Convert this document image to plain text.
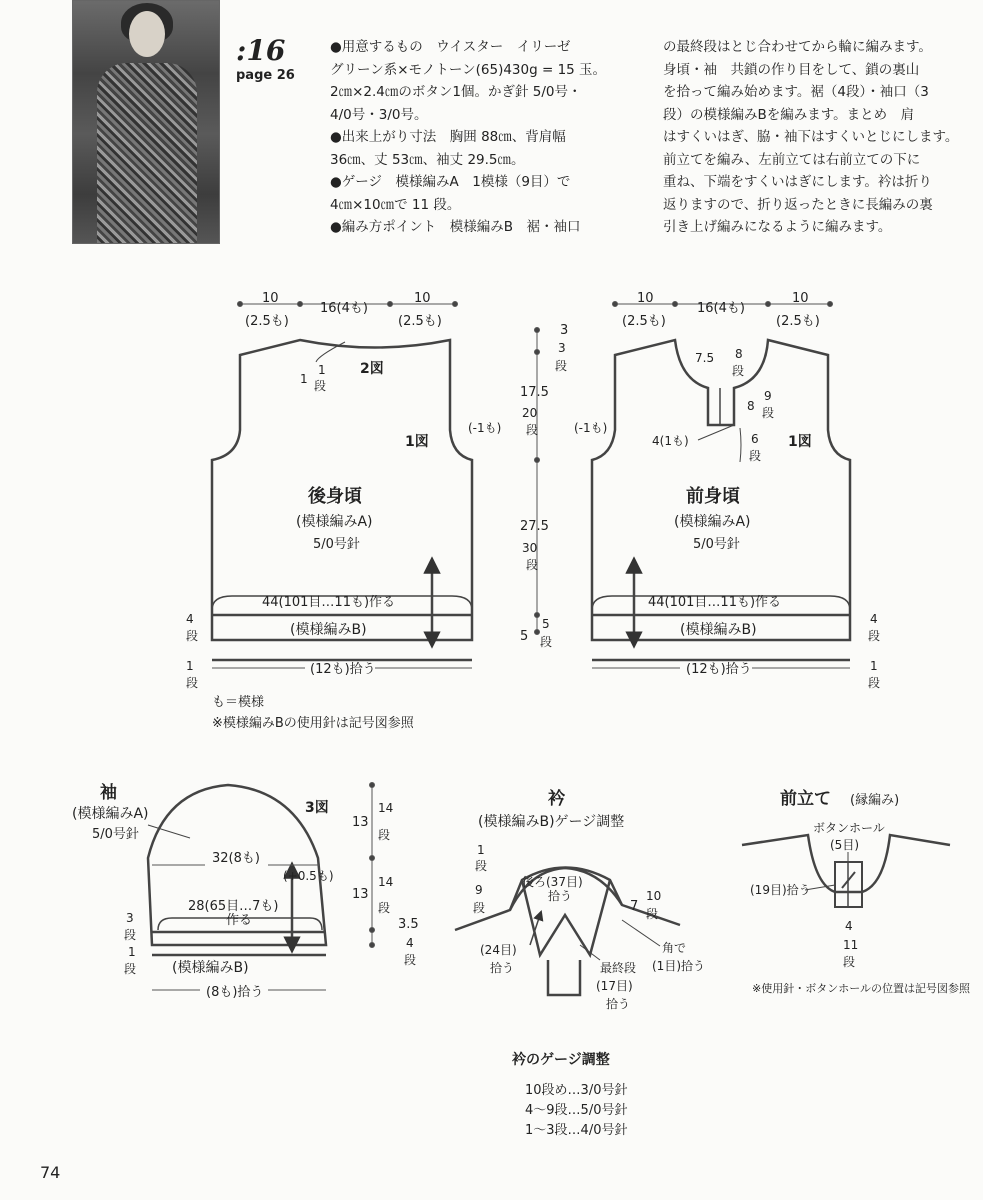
:16
page 26

●用意するもの　ウイスター　イリーゼ

グリーン系×モノトーン(65)430g = 15 玉。

2㎝×2.4㎝のボタン1個。かぎ針 5/0号・

4/0号・3/0号。

●出来上がり寸法　胸囲 88㎝、背肩幅

36㎝、丈 53㎝、袖丈 29.5㎝。

●ゲージ　模様編みA　1模様（9目）で

4㎝×10㎝で 11 段。

●編み方ポイント　模様編みB　裾・袖口

の最終段はとじ合わせてから輪に編みます。

身頃・袖　共鎖の作り目をして、鎖の裏山

を拾って編み始めます。裾（4段）・袖口（3

段）の模様編みBを編みます。まとめ　肩

はすくいはぎ、脇・袖下はすくいとじにします。

前立てを編み、左前立ては右前立ての下に

重ね、下端をすくいはぎにします。衿は折り

返りますので、折り返ったときに長編みの裏

引き上げ編みになるように編みます。

10
(2.5も)
16(4も)
10
(2.5も)
2図
1図
1
1
段
(-1も)
後身頃
(模様編みA)
5/0号針
44(101目…11も)作る
(模様編みB)
(12も)拾う
4
段
1
段
も＝模様
※模様編みBの使用針は記号図参照
3
3
段
17.5
20
段
27.5
30
段
5
5
段
10
(2.5も)
16(4も)
10
(2.5も)
7.5 8
段
8
9
段
4(1も)	6
段
(-1も)
1図
前身頃
(模様編みA)
5/0号針
44(101目…11も)作る
(模様編みB)
(12も)拾う
4
段
1
段
袖
(模様編みA)
5/0号針
3図
32(8も)
(+0.5も)
28(65目…7も)
作る
(模様編みB)
(8も)拾う
3
段
1
段
13
14
段
13
14
段
3.5
4
段
衿
(模様編みB)ゲージ調整
後ろ(37目)
拾う
1
段
9
段	7
10
段
(24目)
拾う
角で
(1目)拾う
最終段
(17目)
拾う
衿のゲージ調整
10段め…3/0号針
4～9段…5/0号針
1～3段…4/0号針
前立て (縁編み)
ボタンホール
(5目)
(19目)拾う
4
11
段
※使用針・ボタンホールの位置は記号図参照
74
